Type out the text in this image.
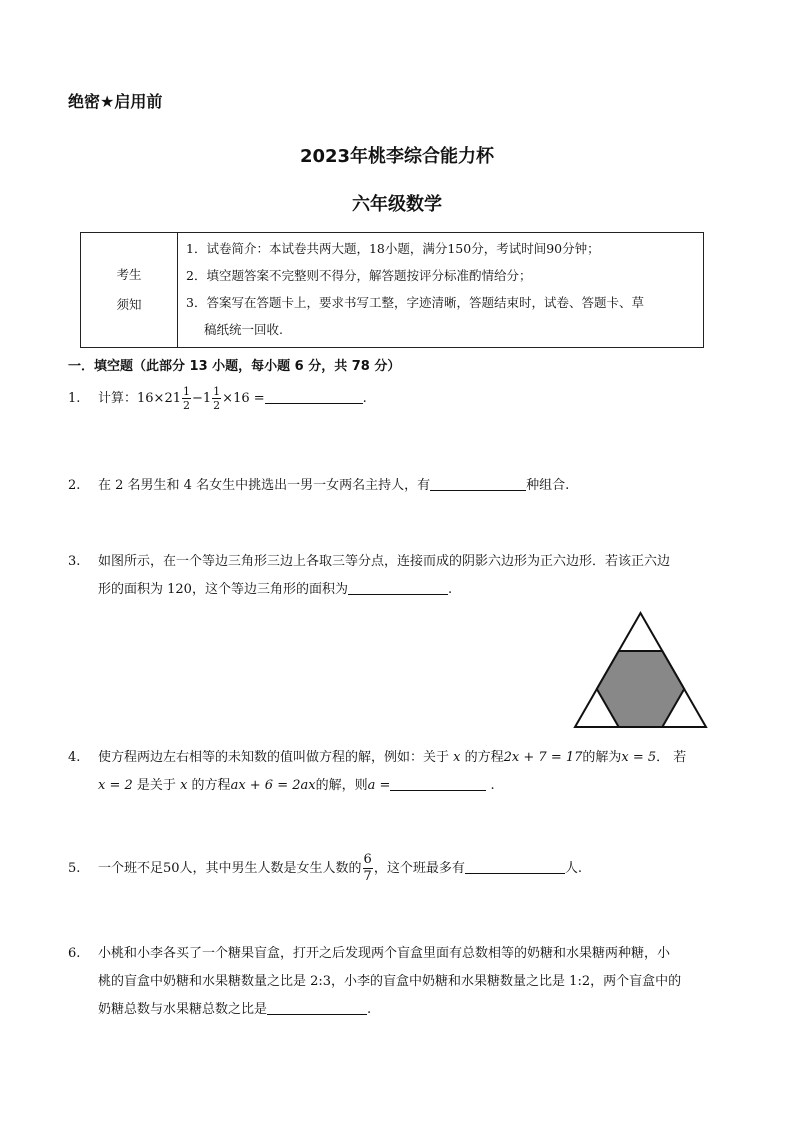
绝密★启用前
2023年桃李综合能力杯
六年级数学
考生
须知	
1．试卷简介：本试卷共两大题，18小题，满分150分，考试时间90分钟；
2．填空题答案不完整则不得分，解答题按评分标准酌情给分；
3．答案写在答题卡上，要求书写工整，字迹清晰，答题结束时，试卷、答题卡、草
稿纸统一回收.
一．填空题（此部分 13 小题，每小题 6 分，共 78 分）
1. 计算：$16\times 21 \frac{1}{2} -1 \frac{1}{2} \times 16$ =	.
2. 在 2 名男生和 4 名女生中挑选出一男一女两名主持人，有	种组合.
3. 如图所示，在一个等边三角形三边上各取三等分点，连接而成的阴影六边形为正六边形．若该正六边
形的面积为 120，这个等边三角形的面积为	.
4. 使方程两边左右相等的未知数的值叫做方程的解，例如：关于 x 的方程2x + 7 = 17的解为x = 5． 若
x = 2 是关于 x 的方程ax + 6 = 2ax的解，则a =	.
5. 一个班不足50人，其中男生人数是女生人数的 $\frac{6}{7}$ ，这个班最多有	人.
6. 小桃和小李各买了一个糖果盲盒，打开之后发现两个盲盒里面有总数相等的奶糖和水果糖两种糖，小
桃的盲盒中奶糖和水果糖数量之比是 2:3，小李的盲盒中奶糖和水果糖数量之比是 1:2，两个盲盒中的
奶糖总数与水果糖总数之比是	.
